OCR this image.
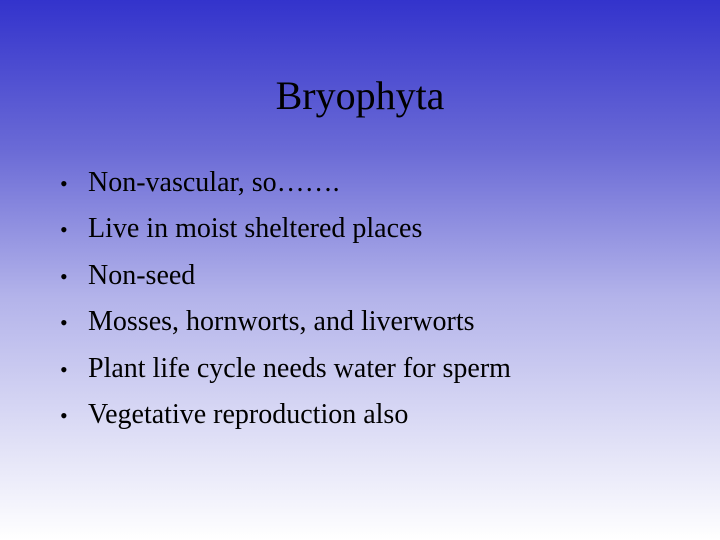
Bryophyta
• Non-vascular, so…….
• Live in moist sheltered places
• Non-seed
• Mosses, hornworts, and liverworts
• Plant life cycle needs water for sperm
• Vegetative reproduction also
